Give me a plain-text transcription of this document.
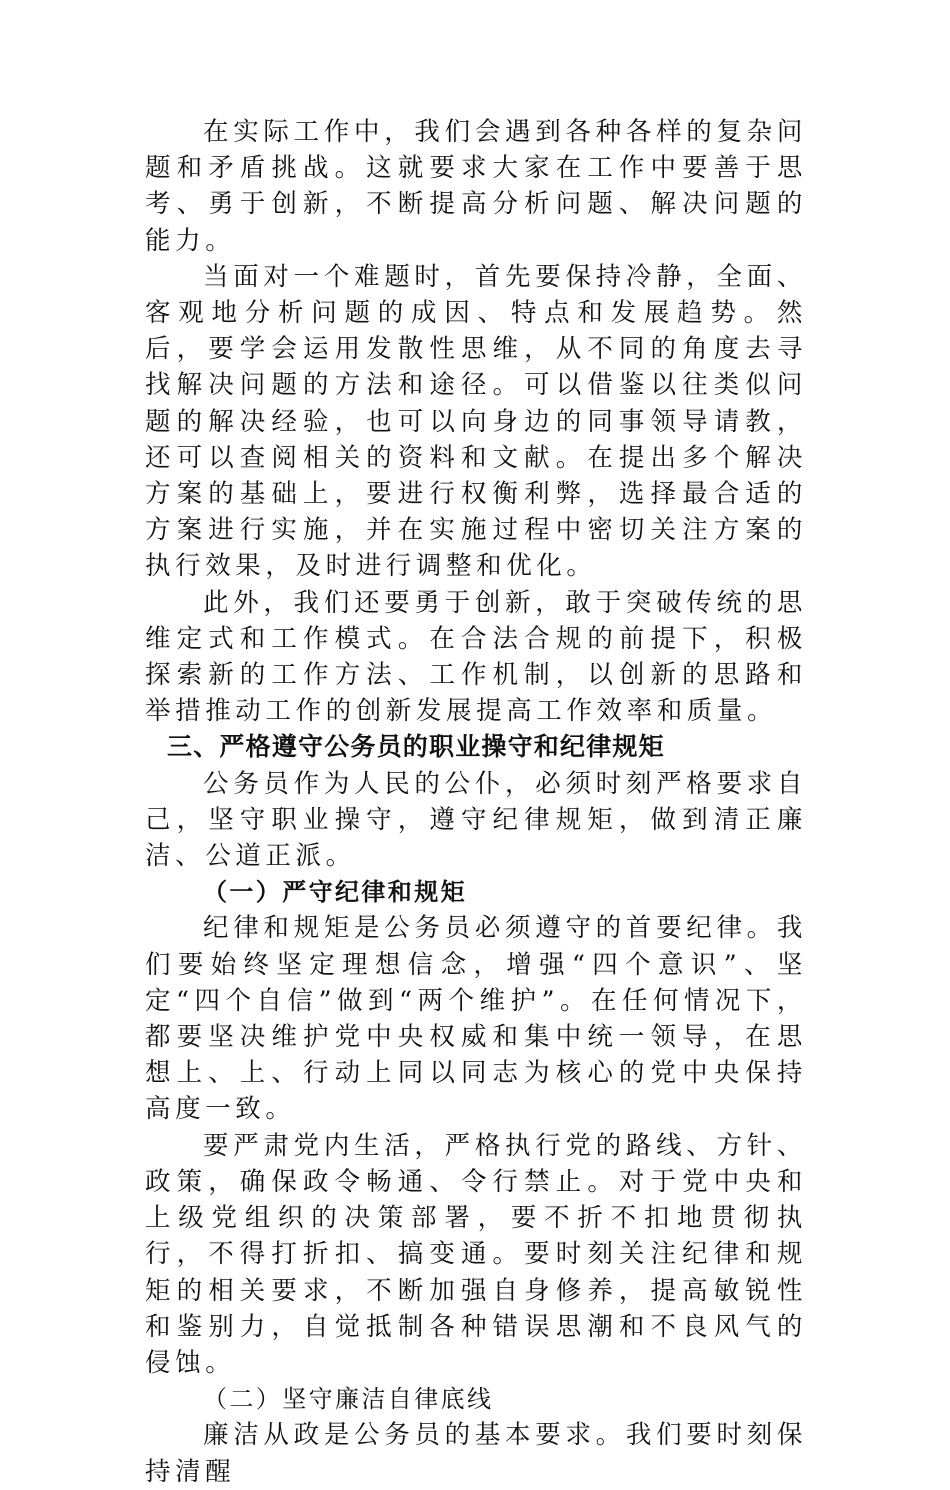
在实际工作中，我们会遇到各种各样的复杂问题和矛盾挑战。这就要求大家在工作中要善于思考、勇于创新，不断提高分析问题、解决问题的能力。

当面对一个难题时，首先要保持冷静，全面、客观地分析问题的成因、特点和发展趋势。然后，要学会运用发散性思维，从不同的角度去寻找解决问题的方法和途径。可以借鉴以往类似问题的解决经验，也可以向身边的同事领导请教，还可以查阅相关的资料和文献。在提出多个解决方案的基础上，要进行权衡利弊，选择最合适的方案进行实施，并在实施过程中密切关注方案的执行效果，及时进行调整和优化。

此外，我们还要勇于创新，敢于突破传统的思维定式和工作模式。在合法合规的前提下，积极探索新的工作方法、工作机制，以创新的思路和举措推动工作的创新发展提高工作效率和质量。

三、严格遵守公务员的职业操守和纪律规矩

公务员作为人民的公仆，必须时刻严格要求自己，坚守职业操守，遵守纪律规矩，做到清正廉洁、公道正派。

（一）严守纪律和规矩

纪律和规矩是公务员必须遵守的首要纪律。我们要始终坚定理想信念，增强“四个意识”、坚定“四个自信”做到“两个维护”。在任何情况下，都要坚决维护党中央权威和集中统一领导，在思想上、上、行动上同以同志为核心的党中央保持高度一致。

要严肃党内生活，严格执行党的路线、方针、政策，确保政令畅通、令行禁止。对于党中央和上级党组织的决策部署，要不折不扣地贯彻执行，不得打折扣、搞变通。要时刻关注纪律和规矩的相关要求，不断加强自身修养，提高敏锐性和鉴别力，自觉抵制各种错误思潮和不良风气的侵蚀。

（二）坚守廉洁自律底线

廉洁从政是公务员的基本要求。我们要时刻保持清醒
